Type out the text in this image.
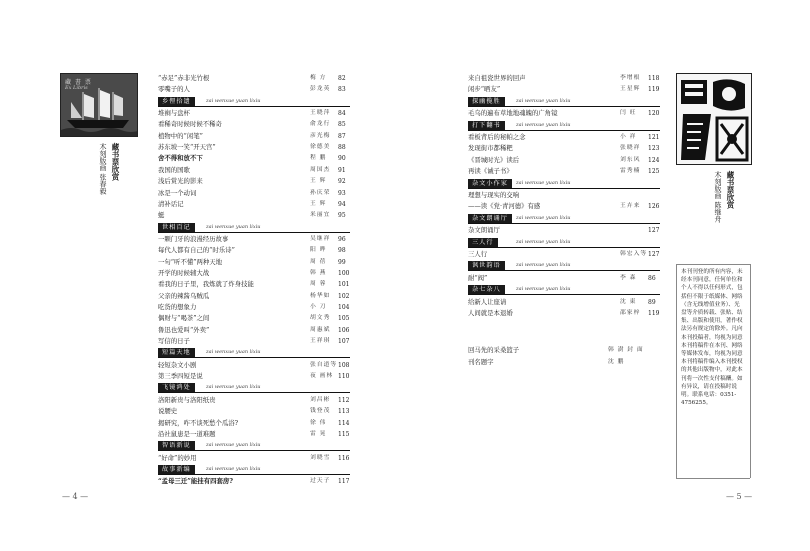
藏 書 票
Ex Libris
藏书票欣赏
木刻版画 张春毅
“赤足”赤非光竹根	梅 方 82
零嘴子的人	彭龙英 83
乡俚拾遗	zai wenxue yuan lixiu
堆裥与盘杯	王晓萍 84
看稀奇时候时候不稀奇	俞龙行 85
植物中的“闲笔”	彦光梅 87
苏东坡一笑“开天宫”	徐德美 88
舍不得和放不下	程 鹏 90
我国的国歌	周国杰 91
浅后赏光的影来	王 辉 92
冰是一个动词	孙庆荣 93
清补话记	王 辉 94
蜓	米丽宜 95
世相百记	zai wenxue yuan lixiu
一颗门牙的浪漫经历故事	吴继祥 96
每代人都有自己的“时乐诗”	阳 晔 98
一句“听不懂”两种天地	周 蓓 99
开学的时候辅大战	韩 燕 100
看我的日子里，我炼就了炸身技能	周 蓉 101
父亲的辣酱乌贼瓜	杨华如 102
吃货的想象力	小 刀 104
偶财与“喝茶”之间	胡文秀 105
鲁迅也爱叫“外卖”	周惠斌 106
写信的日子	王祥琪 107
短篇天地	zai wenxue yuan lixiu
轻短杂文小剧	张自道等 108
第三季四短是说	夜 画林 110
飞镜鸿处	zai wenxue yuan lixiu
洛阳新贵与洛阳纸贵	刘昌彬 112
说腰史	钱登茂 113
揭研究，咋不谈死愁个瓜浴?	徐 伟 114
沿社鼠患是一道难题	雷 晃 115
智语新说	zai wenxue yuan lixiu
“好命”的妙用	刘晓雪 116
故事新编	zai wenxue yuan lixiu
“孟母三迁”能挂有四套房?	过天子 117
来自祖瓷世界的回声	李增根 118
闲步“晒友”	王星辉 119
探幽揽胜	zai wenxue yuan lixiu
毛乌的遍布草地地魂魄的广角镜	闫 旺 120
打下翻书	zai wenxue yuan lixiu
看板背后的秘帕之念	小 祥 121
发现街市都稀粑	张晓祥 123
《晋城时光》读后	刘东风 124
再读《诫子书》	雷秀楠 125
杂文小作家	zai wenxue yuan lixiu
理想与现实的交响
——读《党·青河德》有感	王卉来 126
杂文朗诵厅	zai wenxue yuan lixiu
杂文朗诵厅	127
三人行	zai wenxue yuan lixiu
三人行	韩宏入等 127
讽世韵语	zai wenxue yuan lixiu
耐“阀”	李 森 86
杂七杂八	zai wenxue yuan lixiu
给新人让座请	沈 東 89
人间就是本退婚	邵家梓 119
回马先的采桑篮子	韩 澍 封 面
刊名题字	沈 鹏
藏书票欣赏
木刻版画 陈继舟
本刊刊登的所有内容，未经本刊同意，任何单位和个人不得以任何形式，包括但不限于纸媒体、网络（含无线增值业务）、光盘等介质转载、张贴、结集、出版和使用，著作权法另有规定的除外。凡向本刊投稿者，均视为同意本刊将稿件在本刊、网络等媒体发布，均视为同意本刊将稿件编入本刊授权的其他出版物中，对此本刊将一次性支付稿酬。如有异议，请在投稿时说明。联系电话：0351-4756255。
— 4 —	— 5 —
